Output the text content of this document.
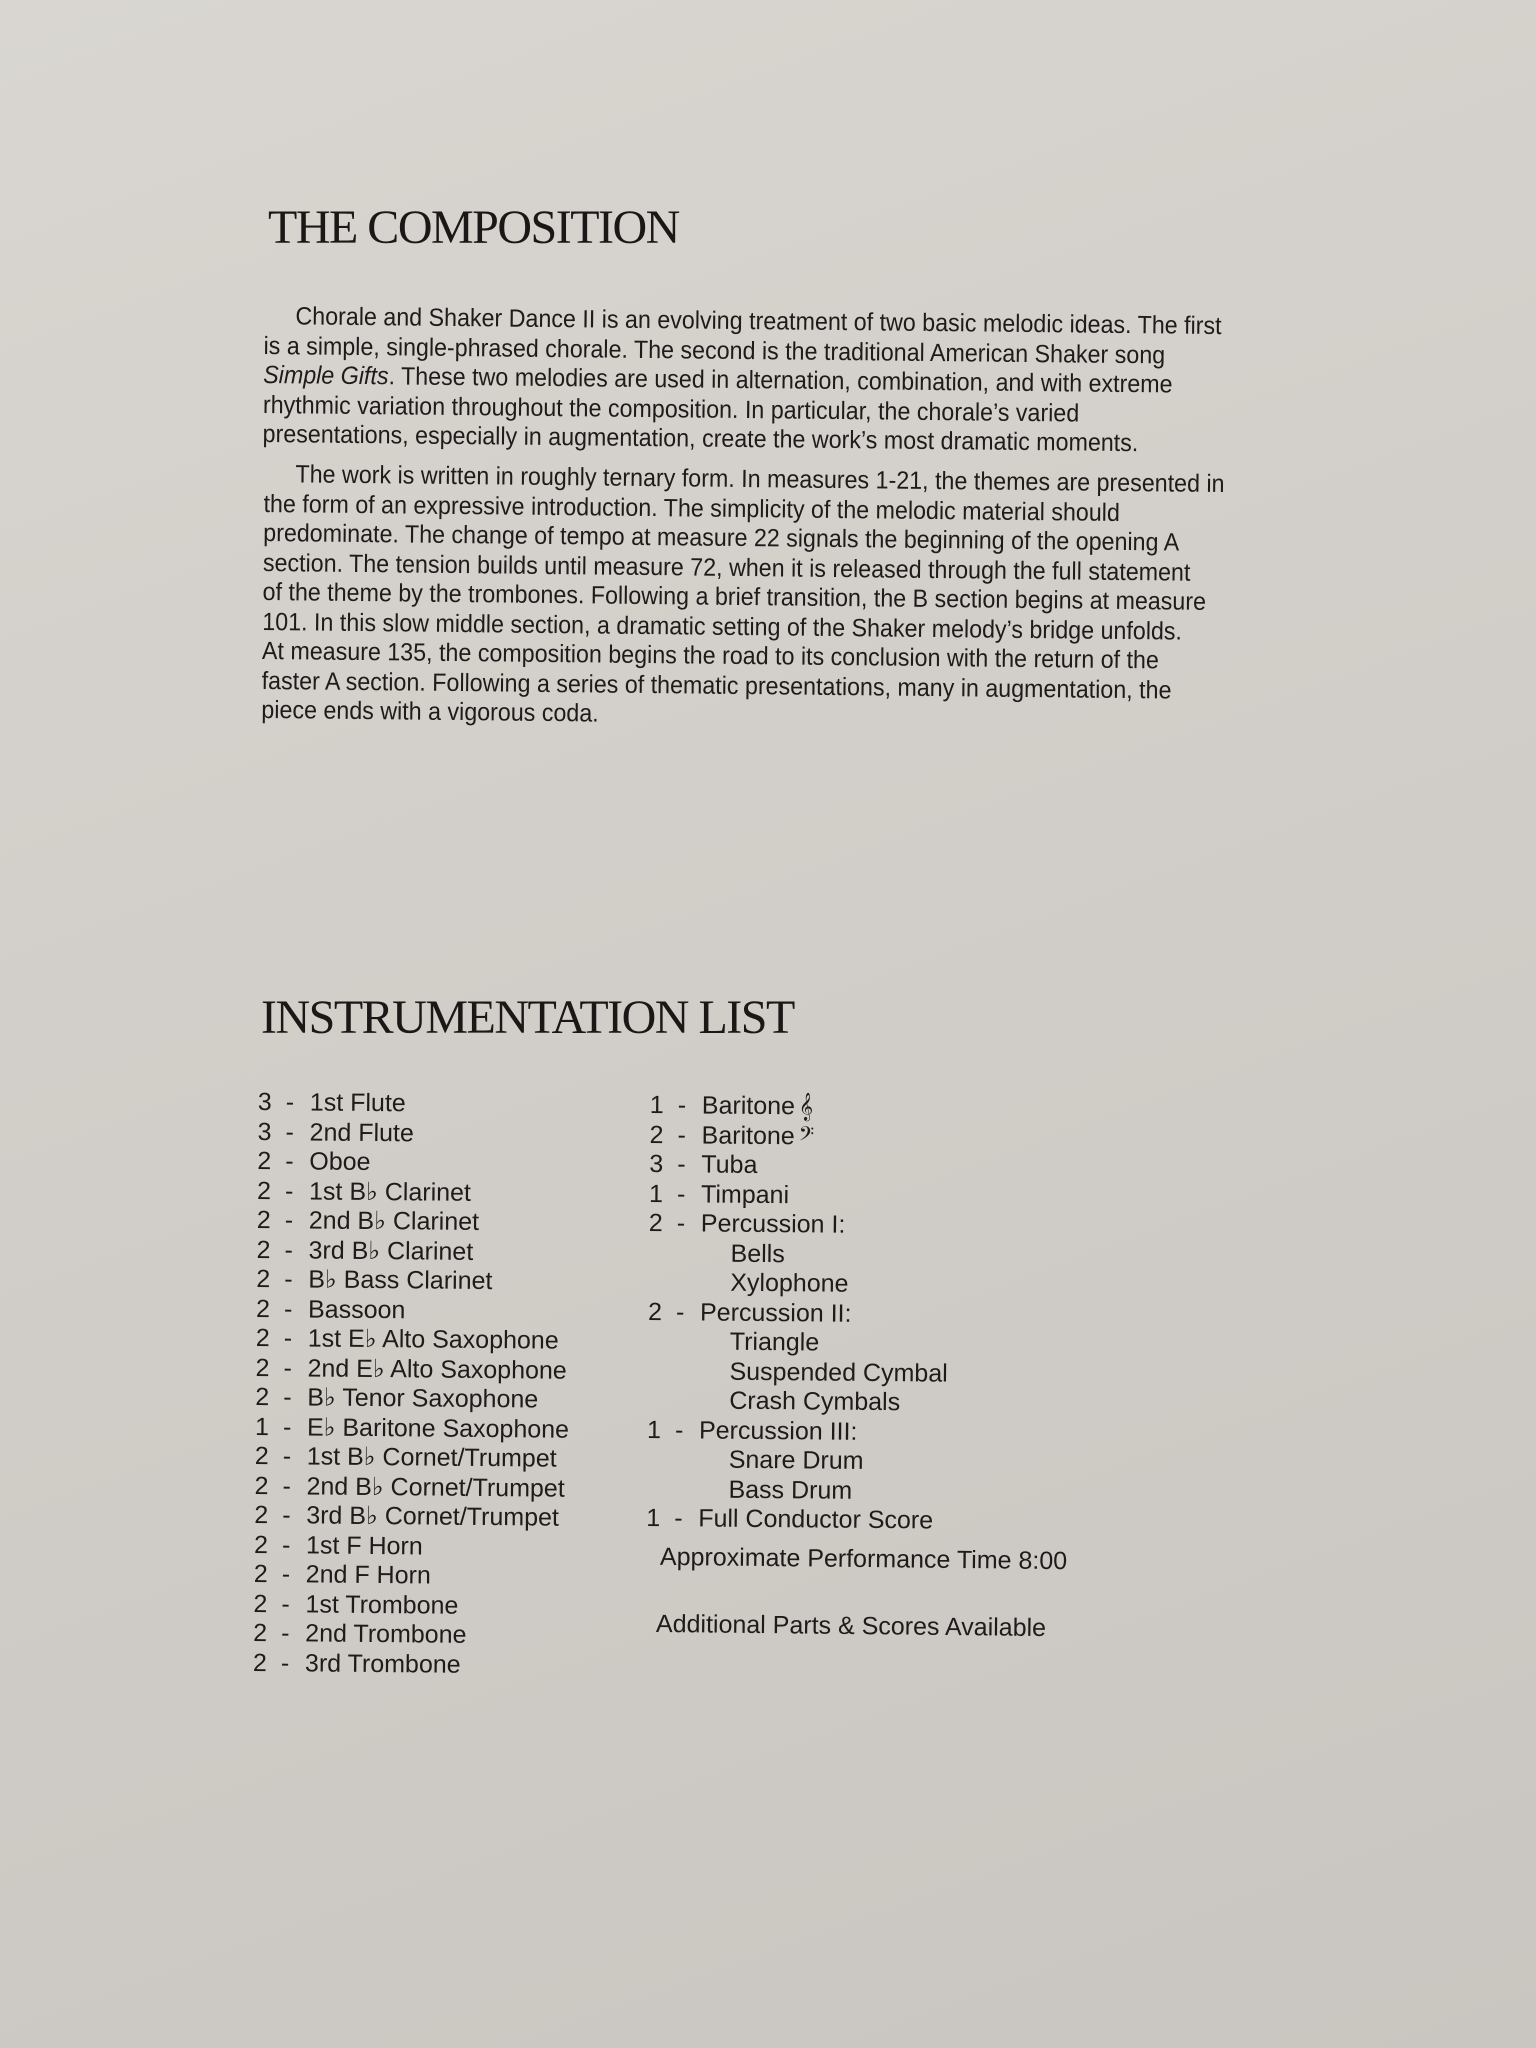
THE COMPOSITION
Chorale and Shaker Dance II is an evolving treatment of two basic melodic ideas. The first
is a simple, single-phrased chorale. The second is the traditional American Shaker song
Simple Gifts. These two melodies are used in alternation, combination, and with extreme
rhythmic variation throughout the composition. In particular, the chorale’s varied
presentations, especially in augmentation, create the work’s most dramatic moments.
The work is written in roughly ternary form. In measures 1-21, the themes are presented in
the form of an expressive introduction. The simplicity of the melodic material should
predominate. The change of tempo at measure 22 signals the beginning of the opening A
section. The tension builds until measure 72, when it is released through the full statement
of the theme by the trombones. Following a brief transition, the B section begins at measure
101. In this slow middle section, a dramatic setting of the Shaker melody’s bridge unfolds.
At measure 135, the composition begins the road to its conclusion with the return of the
faster A section. Following a series of thematic presentations, many in augmentation, the
piece ends with a vigorous coda.
INSTRUMENTATION LIST
3 - 1st Flute
3 - 2nd Flute
2 - Oboe
2 - 1st B♭ Clarinet
2 - 2nd B♭ Clarinet
2 - 3rd B♭ Clarinet
2 - B♭ Bass Clarinet
2 - Bassoon
2 - 1st E♭ Alto Saxophone
2 - 2nd E♭ Alto Saxophone
2 - B♭ Tenor Saxophone
1 - E♭ Baritone Saxophone
2 - 1st B♭ Cornet/Trumpet
2 - 2nd B♭ Cornet/Trumpet
2 - 3rd B♭ Cornet/Trumpet
2 - 1st F Horn
2 - 2nd F Horn
2 - 1st Trombone
2 - 2nd Trombone
2 - 3rd Trombone
1 - Baritone 𝄞
2 - Baritone 𝄢
3 - Tuba
1 - Timpani
2 - Percussion I:
Bells
Xylophone
2 - Percussion II:
Triangle
Suspended Cymbal
Crash Cymbals
1 - Percussion III:
Snare Drum
Bass Drum
1 - Full Conductor Score
Approximate Performance Time 8:00
Additional Parts & Scores Available
